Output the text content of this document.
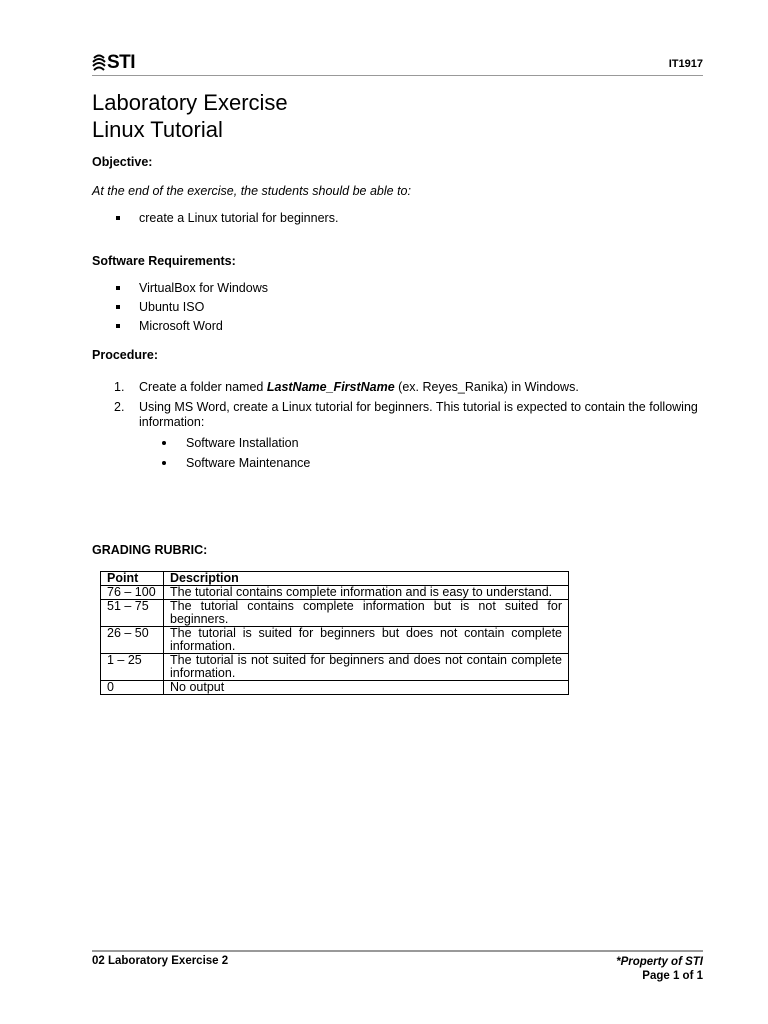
STI	IT1917
Laboratory Exercise
Linux Tutorial
Objective:
At the end of the exercise, the students should be able to:
create a Linux tutorial for beginners.
Software Requirements:
VirtualBox for Windows
Ubuntu ISO
Microsoft Word
Procedure:
1. Create a folder named LastName_FirstName (ex. Reyes_Ranika) in Windows.
2. Using MS Word, create a Linux tutorial for beginners. This tutorial is expected to contain the following information:
Software Installation
Software Maintenance
GRADING RUBRIC:
Point	Description
76 – 100	The tutorial contains complete information and is easy to understand.
51 – 75	The tutorial contains complete information but is not suited for beginners.
26 – 50	The tutorial is suited for beginners but does not contain complete information.
1 – 25	The tutorial is not suited for beginners and does not contain complete information.
0	No output
02 Laboratory Exercise 2	*Property of STI
Page 1 of 1
